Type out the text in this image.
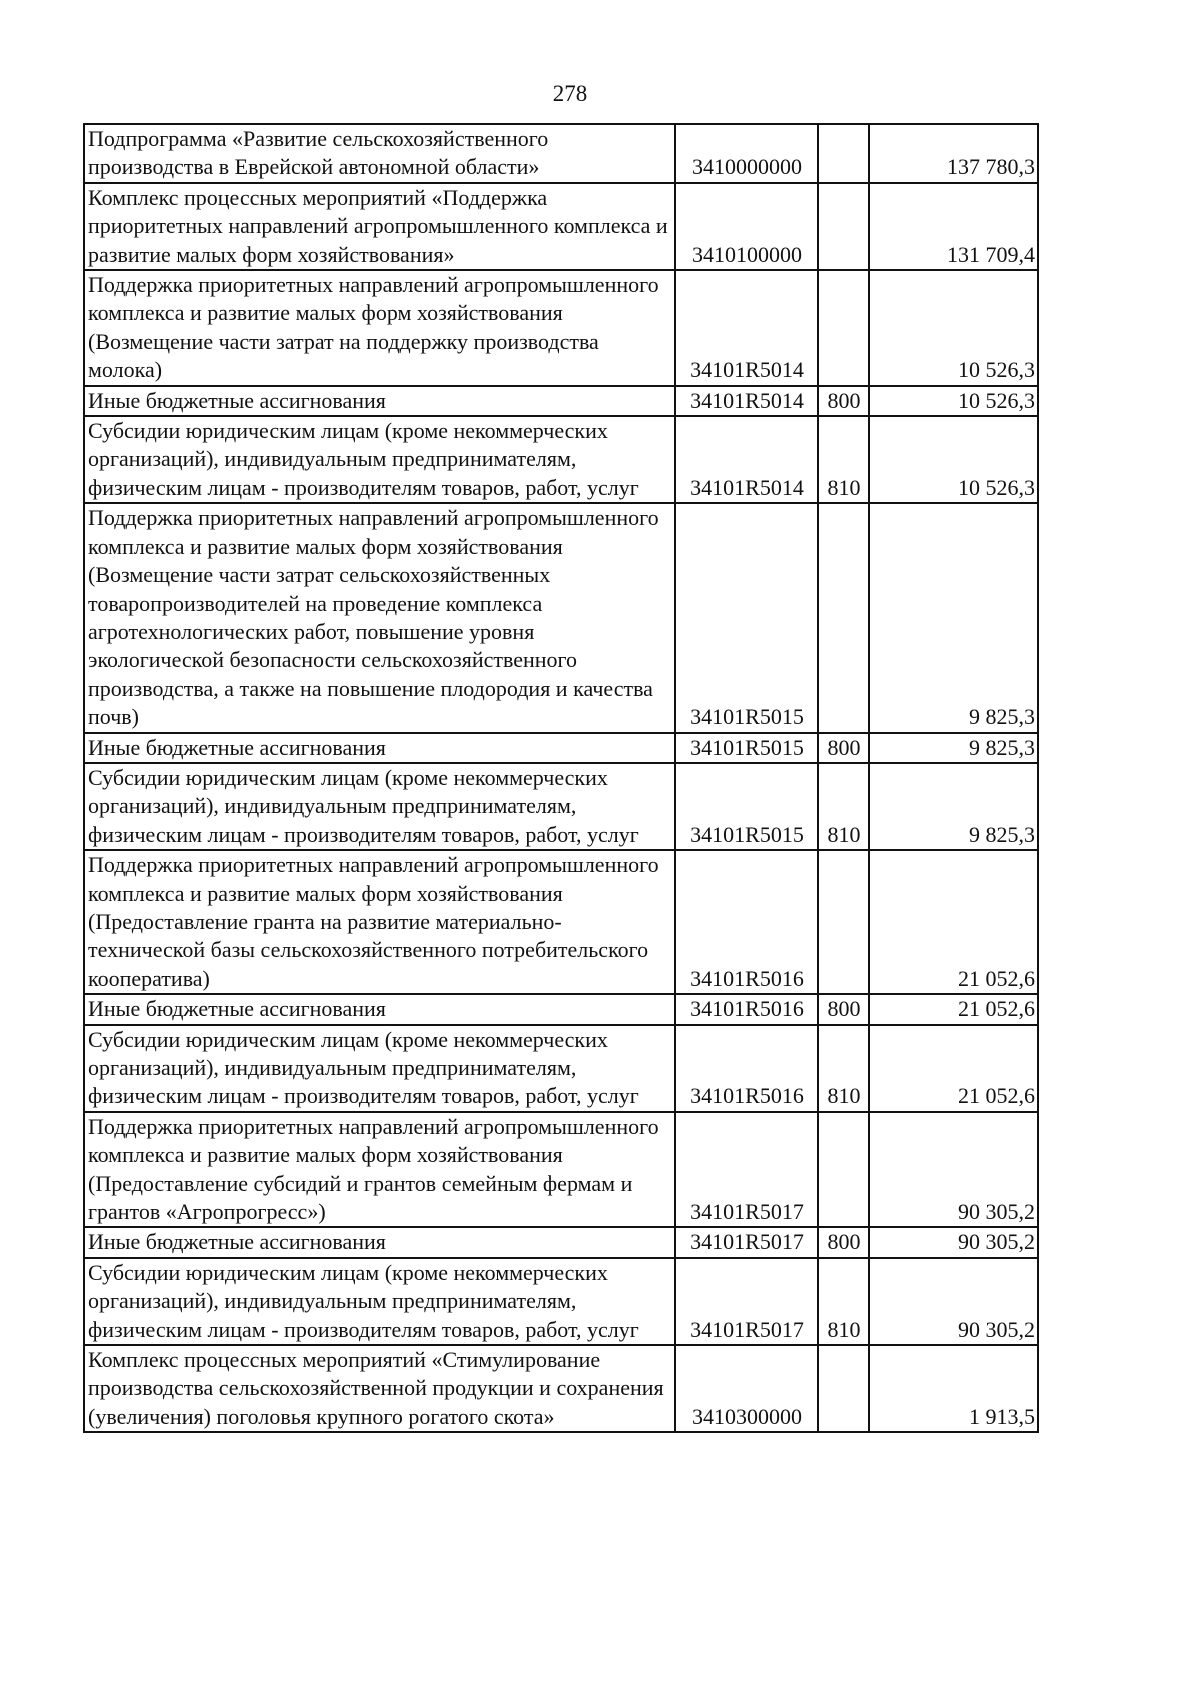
278
Подпрограмма «Развитие сельскохозяйственного производства в Еврейской автономной области»	3410000000		137 780,3
Комплекс процессных мероприятий «Поддержка приоритетных направлений агропромышленного комплекса и развитие малых форм хозяйствования»	3410100000		131 709,4
Поддержка приоритетных направлений агропромышленного комплекса и развитие малых форм хозяйствования (Возмещение части затрат на поддержку производства молока)	34101R5014		10 526,3
Иные бюджетные ассигнования	34101R5014	800	10 526,3
Субсидии юридическим лицам (кроме некоммерческих организаций), индивидуальным предпринимателям, физическим лицам - производителям товаров, работ, услуг	34101R5014	810	10 526,3
Поддержка приоритетных направлений агропромышленного комплекса и развитие малых форм хозяйствования (Возмещение части затрат сельскохозяйственных товаропроизводителей на проведение комплекса агротехнологических работ, повышение уровня экологической безопасности сельскохозяйственного производства, а также на повышение плодородия и качества почв)	34101R5015		9 825,3
Иные бюджетные ассигнования	34101R5015	800	9 825,3
Субсидии юридическим лицам (кроме некоммерческих организаций), индивидуальным предпринимателям, физическим лицам - производителям товаров, работ, услуг	34101R5015	810	9 825,3
Поддержка приоритетных направлений агропромышленного комплекса и развитие малых форм хозяйствования (Предоставление гранта на развитие материально-технической базы сельскохозяйственного потребительского кооператива)	34101R5016		21 052,6
Иные бюджетные ассигнования	34101R5016	800	21 052,6
Субсидии юридическим лицам (кроме некоммерческих организаций), индивидуальным предпринимателям, физическим лицам - производителям товаров, работ, услуг	34101R5016	810	21 052,6
Поддержка приоритетных направлений агропромышленного комплекса и развитие малых форм хозяйствования (Предоставление субсидий и грантов семейным фермам и грантов «Агропрогресс»)	34101R5017		90 305,2
Иные бюджетные ассигнования	34101R5017	800	90 305,2
Субсидии юридическим лицам (кроме некоммерческих организаций), индивидуальным предпринимателям, физическим лицам - производителям товаров, работ, услуг	34101R5017	810	90 305,2
Комплекс процессных мероприятий «Стимулирование производства сельскохозяйственной продукции и сохранения (увеличения) поголовья крупного рогатого скота»	3410300000		1 913,5
